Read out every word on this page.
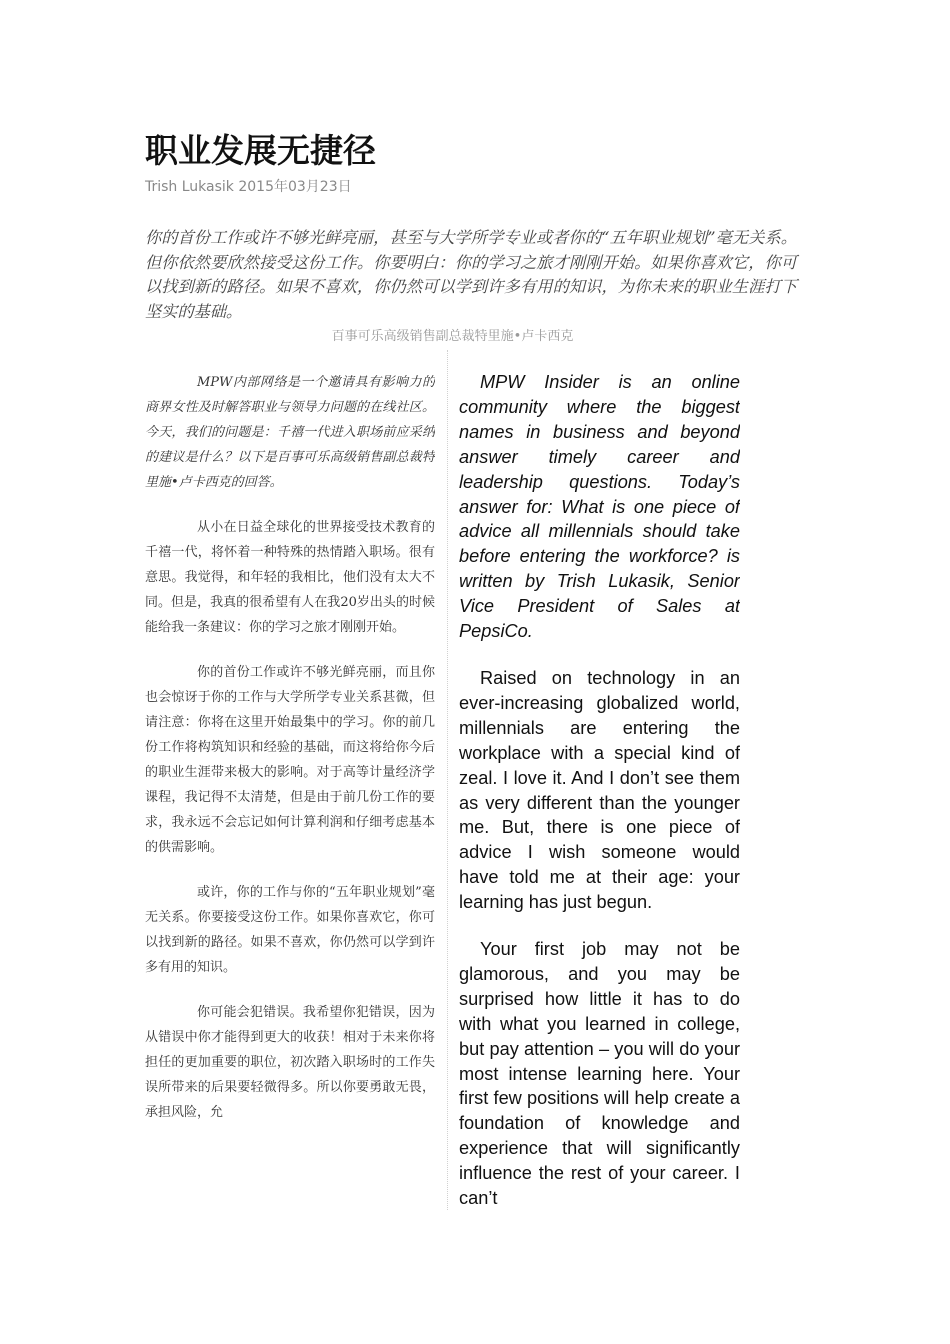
职业发展无捷径
Trish Lukasik 2015年03月23日

你的首份工作或许不够光鲜亮丽，甚至与大学所学专业或者你的“五年职业规划”毫无关系。但你依然要欣然接受这份工作。你要明白：你的学习之旅才刚刚开始。如果你喜欢它，你可以找到新的路径。如果不喜欢，你仍然可以学到许多有用的知识，为你未来的职业生涯打下坚实的基础。

百事可乐高级销售副总裁特里施•卢卡西克

MPW内部网络是一个邀请具有影响力的商界女性及时解答职业与领导力问题的在线社区。今天，我们的问题是：千禧一代进入职场前应采纳的建议是什么？以下是百事可乐高级销售副总裁特里施•卢卡西克的回答。

从小在日益全球化的世界接受技术教育的千禧一代，将怀着一种特殊的热情踏入职场。很有意思。我觉得，和年轻的我相比，他们没有太大不同。但是，我真的很希望有人在我20岁出头的时候能给我一条建议：你的学习之旅才刚刚开始。

你的首份工作或许不够光鲜亮丽，而且你也会惊讶于你的工作与大学所学专业关系甚微，但请注意：你将在这里开始最集中的学习。你的前几份工作将构筑知识和经验的基础，而这将给你今后的职业生涯带来极大的影响。对于高等计量经济学课程，我记得不太清楚，但是由于前几份工作的要求，我永远不会忘记如何计算利润和仔细考虑基本的供需影响。

或许，你的工作与你的“五年职业规划”毫无关系。你要接受这份工作。如果你喜欢它，你可以找到新的路径。如果不喜欢，你仍然可以学到许多有用的知识。

你可能会犯错误。我希望你犯错误，因为从错误中你才能得到更大的收获！相对于未来你将担任的更加重要的职位，初次踏入职场时的工作失误所带来的后果要轻微得多。所以你要勇敢无畏，承担风险，允

MPW Insider is an online community where the biggest names in business and beyond answer timely career and leadership questions. Today’s answer for: What is one piece of advice all millennials should take before entering the workforce? is written by Trish Lukasik, Senior Vice President of Sales at PepsiCo.

Raised on technology in an ever-increasing globalized world, millennials are entering the workplace with a special kind of zeal. I love it. And I don’t see them as very different than the younger me. But, there is one piece of advice I wish someone would have told me at their age: your learning has just begun.

Your first job may not be glamorous, and you may be surprised how little it has to do with what you learned in college, but pay attention – you will do your most intense learning here. Your first few positions will help create a foundation of knowledge and experience that will significantly influence the rest of your career. I can’t
